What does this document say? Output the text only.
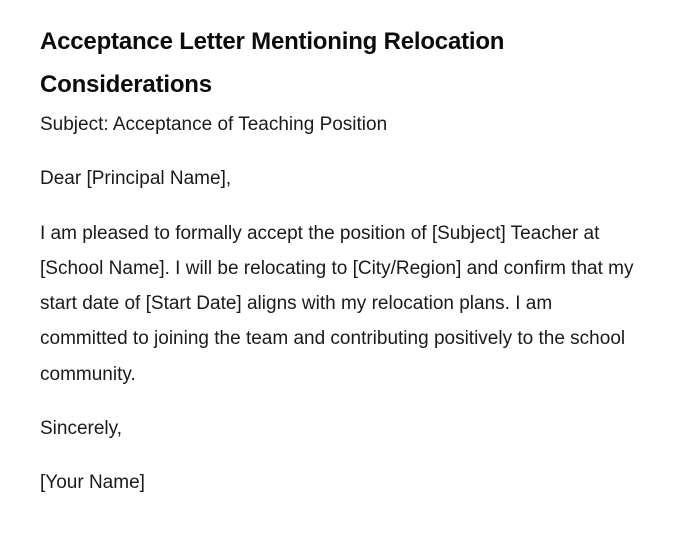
Acceptance Letter Mentioning Relocation Considerations

Subject: Acceptance of Teaching Position

Dear [Principal Name],

I am pleased to formally accept the position of [Subject] Teacher at [School Name]. I will be relocating to [City/Region] and confirm that my start date of [Start Date] aligns with my relocation plans. I am committed to joining the team and contributing positively to the school community.

Sincerely,

[Your Name]
